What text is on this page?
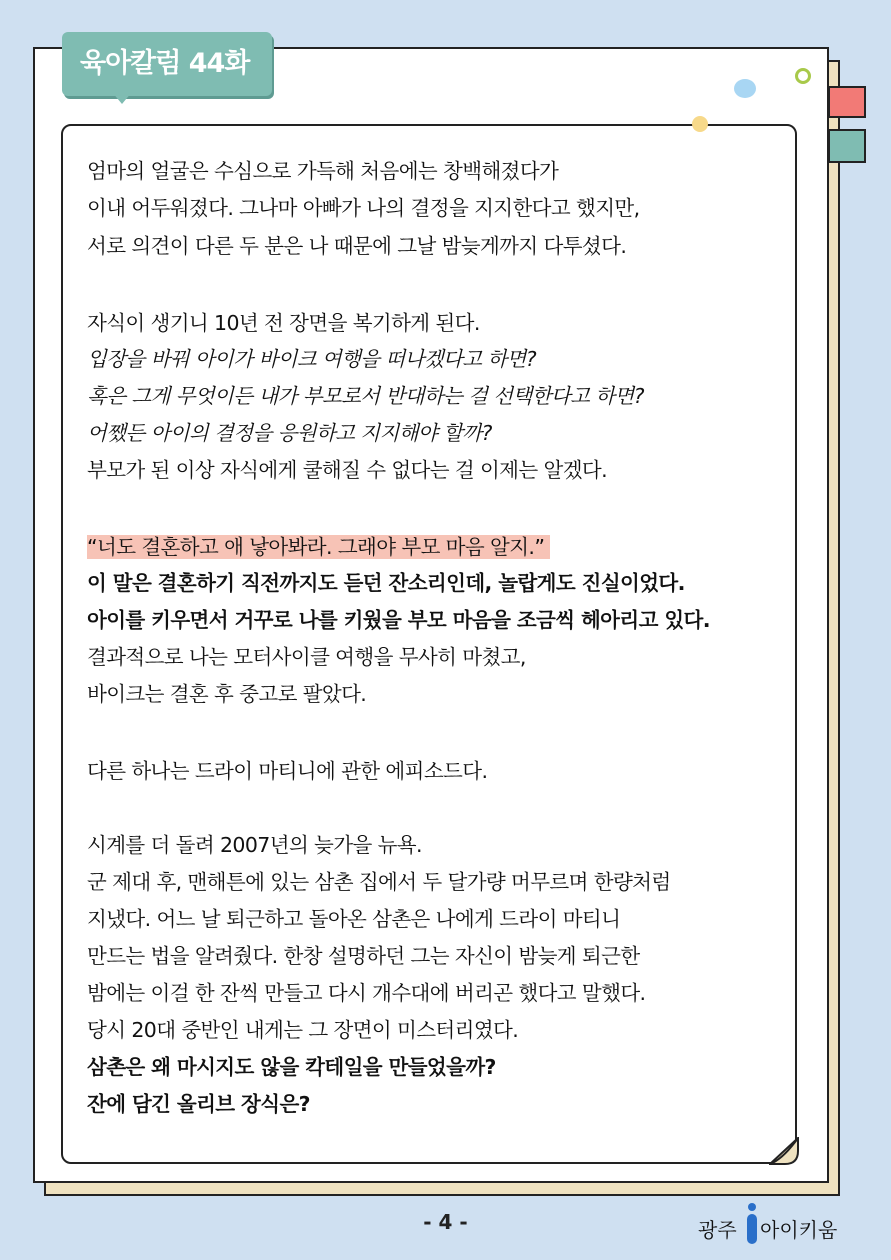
육아칼럼 44화
엄마의 얼굴은 수심으로 가득해 처음에는 창백해졌다가
이내 어두워졌다. 그나마 아빠가 나의 결정을 지지한다고 했지만,
서로 의견이 다른 두 분은 나 때문에 그날 밤늦게까지 다투셨다.
자식이 생기니 10년 전 장면을 복기하게 된다.
입장을 바꿔 아이가 바이크 여행을 떠나겠다고 하면?
혹은 그게 무엇이든 내가 부모로서 반대하는 걸 선택한다고 하면?
어쨌든 아이의 결정을 응원하고 지지해야 할까?
부모가 된 이상 자식에게 쿨해질 수 없다는 걸 이제는 알겠다.
“너도 결혼하고 애 낳아봐라. 그래야 부모 마음 알지.”
이 말은 결혼하기 직전까지도 듣던 잔소리인데, 놀랍게도 진실이었다.
아이를 키우면서 거꾸로 나를 키웠을 부모 마음을 조금씩 헤아리고 있다.
결과적으로 나는 모터사이클 여행을 무사히 마쳤고,
바이크는 결혼 후 중고로 팔았다.
다른 하나는 드라이 마티니에 관한 에피소드다.
시계를 더 돌려 2007년의 늦가을 뉴욕.
군 제대 후, 맨해튼에 있는 삼촌 집에서 두 달가량 머무르며 한량처럼
지냈다. 어느 날 퇴근하고 돌아온 삼촌은 나에게 드라이 마티니
만드는 법을 알려줬다. 한창 설명하던 그는 자신이 밤늦게 퇴근한
밤에는 이걸 한 잔씩 만들고 다시 개수대에 버리곤 했다고 말했다.
당시 20대 중반인 내게는 그 장면이 미스터리였다.
삼촌은 왜 마시지도 않을 칵테일을 만들었을까?
잔에 담긴 올리브 장식은?
- 4 -	광주 아이키움
